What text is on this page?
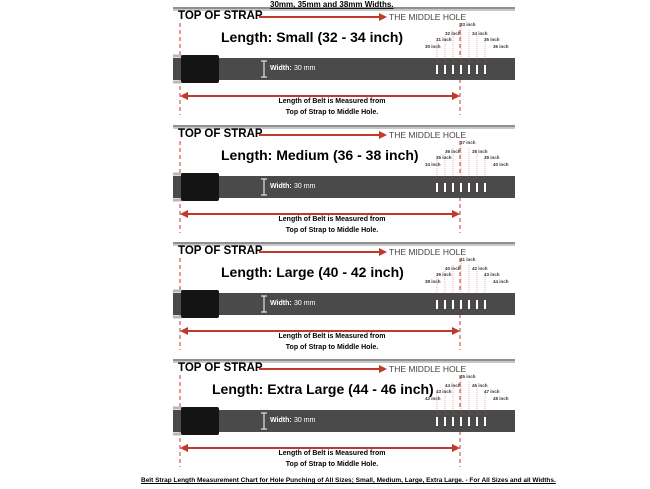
30mm, 35mm and 38mm Widths.
TOP OF STRAP	THE MIDDLE HOLE
Length: Small (32 - 34 inch)
Width: 30 mm
Length of Belt is Measured from
Top of Strap to Middle Hole.
30 inch
31 inch
32 inch
33 inch
34 inch
35 inch
36 inch
TOP OF STRAP	THE MIDDLE HOLE
Length: Medium (36 - 38 inch)
Width: 30 mm
Length of Belt is Measured from
Top of Strap to Middle Hole.
34 inch
35 inch
36 inch
37 inch
38 inch
39 inch
40 inch
TOP OF STRAP	THE MIDDLE HOLE
Length: Large (40 - 42 inch)
Width: 30 mm
Length of Belt is Measured from
Top of Strap to Middle Hole.
38 inch
39 inch
40 inch
41 inch
42 inch
43 inch
44 inch
TOP OF STRAP	THE MIDDLE HOLE
Length: Extra Large (44 - 46 inch)
Width: 30 mm
Length of Belt is Measured from
Top of Strap to Middle Hole.
42 inch
43 inch
44 inch
45 inch
46 inch
47 inch
48 inch
Belt Strap Length Measurement Chart for Hole Punching of All Sizes; Small, Medium, Large, Extra Large. - For All Sizes and all Widths.
